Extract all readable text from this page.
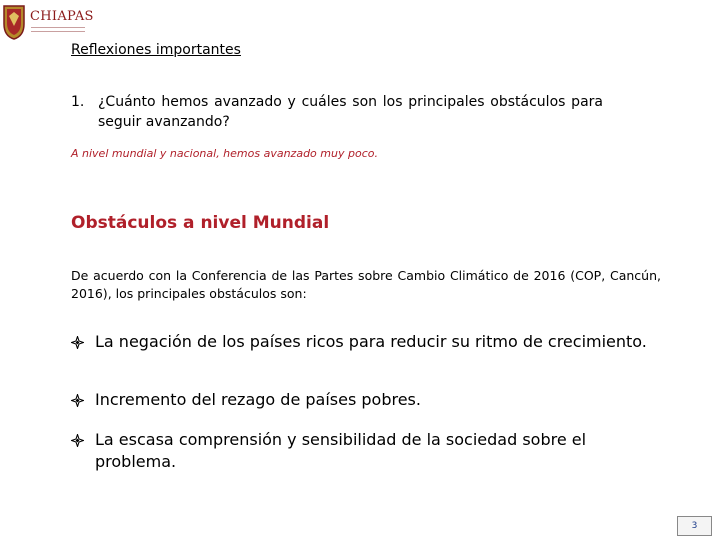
CHIAPAS
Reflexiones importantes
1. ¿Cuánto hemos avanzado y cuáles son los principales obstáculos para seguir avanzando?
A nivel mundial y nacional, hemos avanzado muy poco.
Obstáculos a nivel Mundial
De acuerdo con la Conferencia de las Partes sobre Cambio Climático de 2016 (COP, Cancún, 2016), los principales obstáculos son:
La negación de los países ricos para reducir su ritmo de crecimiento.
Incremento del rezago de países pobres.
La escasa comprensión y sensibilidad de la sociedad sobre el problema.
3
